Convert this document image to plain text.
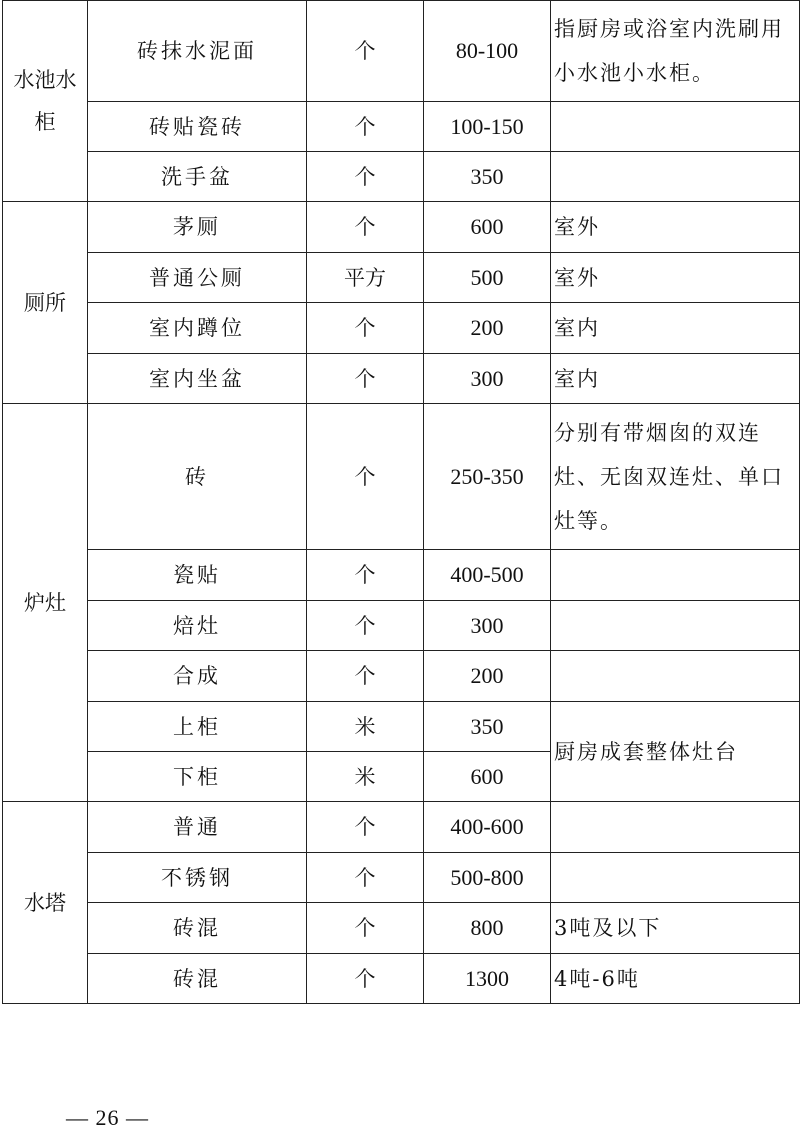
水池水柜	砖抹水泥面	个	80-100	指厨房或浴室内洗刷用小水池小水柜。
	砖贴瓷砖	个	100-150	
	洗手盆	个	350	
厕所	茅厕	个	600	室外
	普通公厕	平方	500	室外
	室内蹲位	个	200	室内
	室内坐盆	个	300	室内
炉灶	砖	个	250-350	分别有带烟囱的双连灶、无囱双连灶、单口灶等。
	瓷贴	个	400-500	
	焙灶	个	300	
	合成	个	200	
	上柜	米	350	厨房成套整体灶台
	下柜	米	600	
水塔	普通	个	400-600	
	不锈钢	个	500-800	
	砖混	个	800	3吨及以下
	砖混	个	1300	4吨-6吨
— 26 —
